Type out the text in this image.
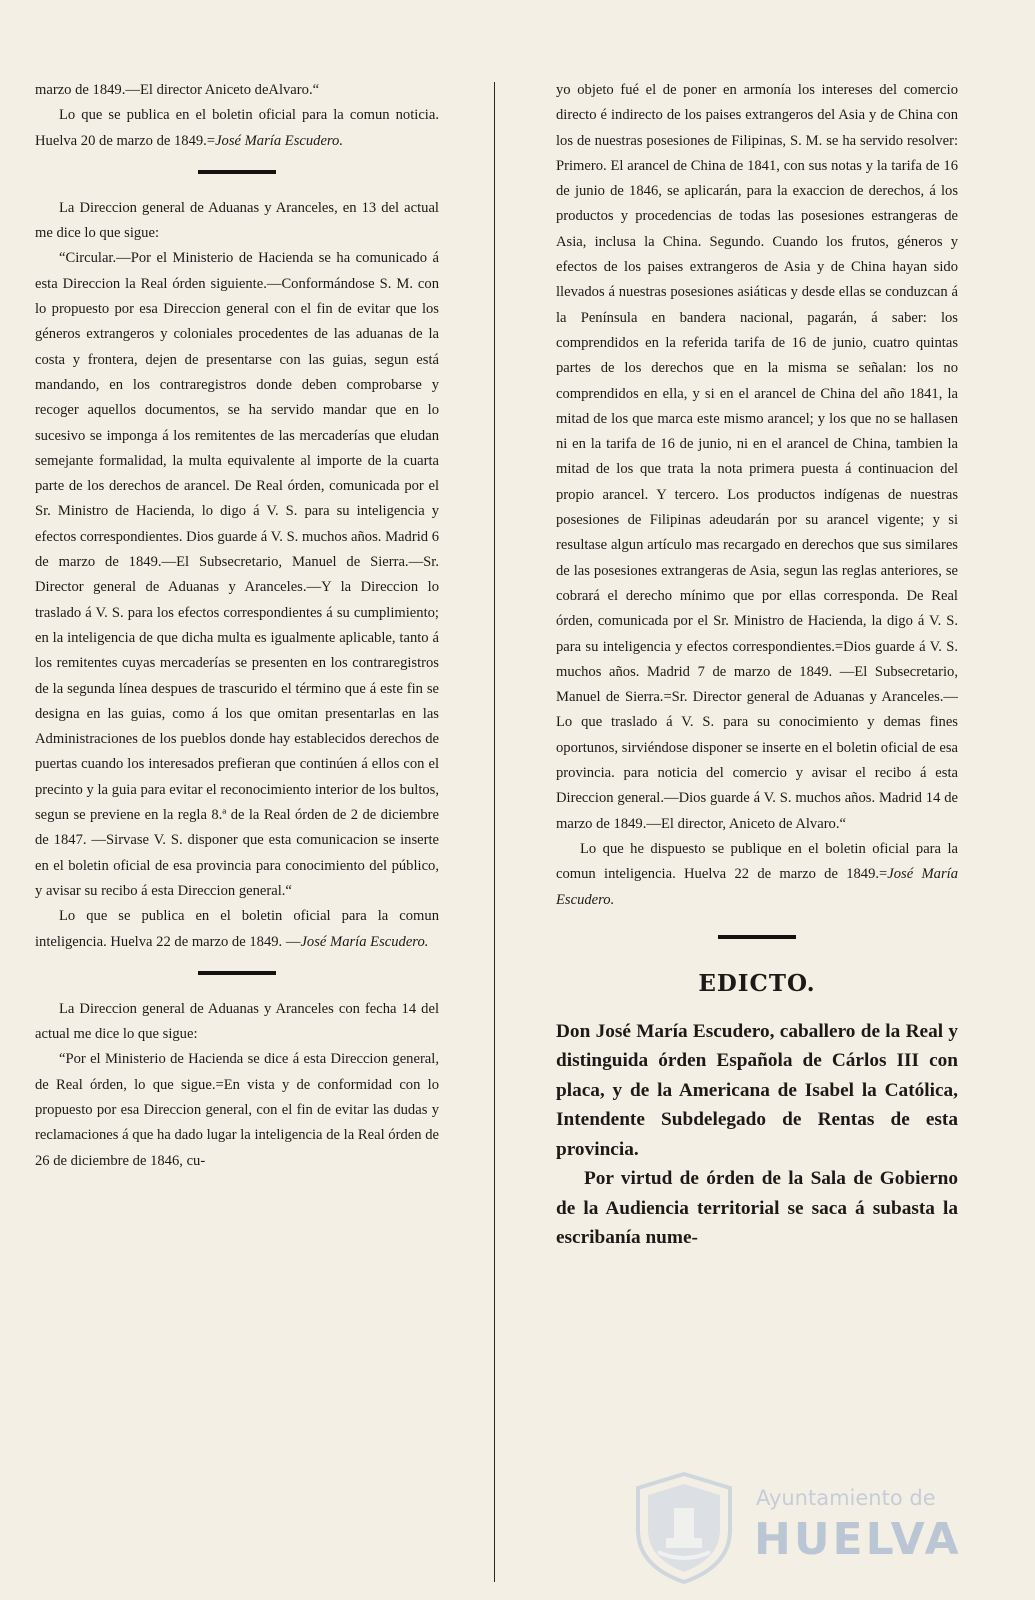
marzo de 1849.—El director Aniceto deAlvaro.“

Lo que se publica en el boletin oficial para la comun noticia. Huelva 20 de marzo de 1849.=José María Escudero.

La Direccion general de Aduanas y Aranceles, en 13 del actual me dice lo que sigue:

“Circular.—Por el Ministerio de Hacienda se ha comunicado á esta Direccion la Real órden siguiente.—Conformándose S. M. con lo propuesto por esa Direccion general con el fin de evitar que los géneros extrangeros y coloniales procedentes de las aduanas de la costa y frontera, dejen de presentarse con las guias, segun está mandando, en los contraregistros donde deben comprobarse y recoger aquellos documentos, se ha servido mandar que en lo sucesivo se imponga á los remitentes de las mercaderías que eludan semejante formalidad, la multa equivalente al importe de la cuarta parte de los derechos de arancel. De Real órden, comunicada por el Sr. Ministro de Hacienda, lo digo á V. S. para su inteligencia y efectos correspondientes. Dios guarde á V. S. muchos años. Madrid 6 de marzo de 1849.—El Subsecretario, Manuel de Sierra.—Sr. Director general de Aduanas y Aranceles.—Y la Direccion lo traslado á V. S. para los efectos correspondientes á su cumplimiento; en la inteligencia de que dicha multa es igualmente aplicable, tanto á los remitentes cuyas mercaderías se presenten en los contraregistros de la segunda línea despues de trascurido el término que á este fin se designa en las guias, como á los que omitan presentarlas en las Administraciones de los pueblos donde hay establecidos derechos de puertas cuando los interesados prefieran que continúen á ellos con el precinto y la guia para evitar el reconocimiento interior de los bultos, segun se previene en la regla 8.ª de la Real órden de 2 de diciembre de 1847. —Sirvase V. S. disponer que esta comunicacion se inserte en el boletin oficial de esa provincia para conocimiento del público, y avisar su recibo á esta Direccion general.“

Lo que se publica en el boletin oficial para la comun inteligencia. Huelva 22 de marzo de 1849. —José María Escudero.

La Direccion general de Aduanas y Aranceles con fecha 14 del actual me dice lo que sigue:

“Por el Ministerio de Hacienda se dice á esta Direccion general, de Real órden, lo que sigue.=En vista y de conformidad con lo propuesto por esa Direccion general, con el fin de evitar las dudas y reclamaciones á que ha dado lugar la inteligencia de la Real órden de 26 de diciembre de 1846, cu-

yo objeto fué el de poner en armonía los intereses del comercio directo é indirecto de los paises extrangeros del Asia y de China con los de nuestras posesiones de Filipinas, S. M. se ha servido resolver: Primero. El arancel de China de 1841, con sus notas y la tarifa de 16 de junio de 1846, se aplicarán, para la exaccion de derechos, á los productos y procedencias de todas las posesiones estrangeras de Asia, inclusa la China. Segundo. Cuando los frutos, géneros y efectos de los paises extrangeros de Asia y de China hayan sido llevados á nuestras posesiones asiáticas y desde ellas se conduzcan á la Península en bandera nacional, pagarán, á saber: los comprendidos en la referida tarifa de 16 de junio, cuatro quintas partes de los derechos que en la misma se señalan: los no comprendidos en ella, y si en el arancel de China del año 1841, la mitad de los que marca este mismo arancel; y los que no se hallasen ni en la tarifa de 16 de junio, ni en el arancel de China, tambien la mitad de los que trata la nota primera puesta á continuacion del propio arancel. Y tercero. Los productos indígenas de nuestras posesiones de Filipinas adeudarán por su arancel vigente; y si resultase algun artículo mas recargado en derechos que sus similares de las posesiones extrangeras de Asia, segun las reglas anteriores, se cobrará el derecho mínimo que por ellas corresponda. De Real órden, comunicada por el Sr. Ministro de Hacienda, la digo á V. S. para su inteligencia y efectos correspondientes.=Dios guarde á V. S. muchos años. Madrid 7 de marzo de 1849. —El Subsecretario, Manuel de Sierra.=Sr. Director general de Aduanas y Aranceles.—Lo que traslado á V. S. para su conocimiento y demas fines oportunos, sirviéndose disponer se inserte en el boletin oficial de esa provincia. para noticia del comercio y avisar el recibo á esta Direccion general.—Dios guarde á V. S. muchos años. Madrid 14 de marzo de 1849.—El director, Aniceto de Alvaro.“

Lo que he dispuesto se publique en el boletin oficial para la comun inteligencia. Huelva 22 de marzo de 1849.=José María Escudero.

EDICTO.

Don José María Escudero, caballero de la Real y distinguida órden Española de Cárlos III con placa, y de la Americana de Isabel la Católica, Intendente Subdelegado de Rentas de esta provincia.

Por virtud de órden de la Sala de Gobierno de la Audiencia territorial se saca á subasta la escribanía nume-

Ayuntamiento de
HUELVA
